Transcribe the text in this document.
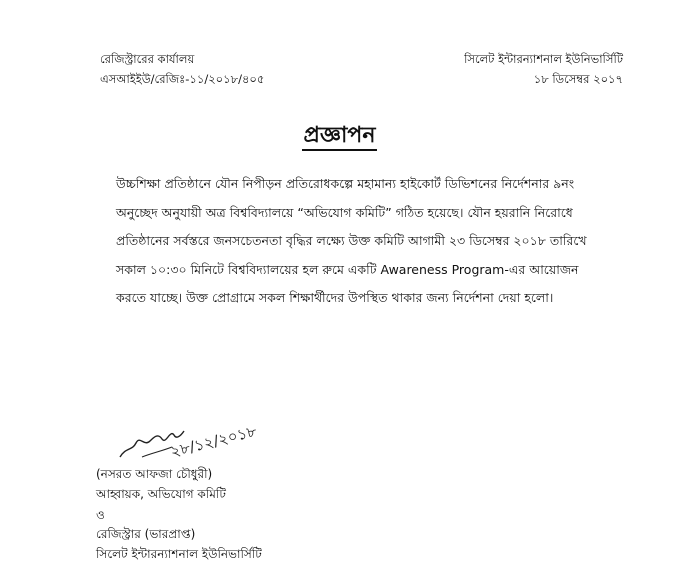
রেজিস্ট্রারের কার্যালয়
এসআইইউ/রেজিঃ-১১/২০১৮/৪০৫
সিলেট ইন্টারন্যাশনাল ইউনিভার্সিটি
১৮ ডিসেম্বর ২০১৭
প্রজ্ঞাপন
উচ্চশিক্ষা প্রতিষ্ঠানে যৌন নিপীড়ন প্রতিরোধকল্পে মহামান্য হাইকোর্ট ডিভিশনের নির্দেশনার ৯নং
অনুচ্ছেদ অনুযায়ী অত্র বিশ্ববিদ্যালয়ে “অভিযোগ কমিটি” গঠিত হয়েছে। যৌন হয়রানি নিরোধে
প্রতিষ্ঠানের সর্বস্তরে জনসচেতনতা বৃদ্ধির লক্ষ্যে উক্ত কমিটি আগামী ২৩ ডিসেম্বর ২০১৮ তারিখে
সকাল ১০:৩০ মিনিটে বিশ্ববিদ্যালয়ের হল রুমে একটি Awareness Program-এর আয়োজন
করতে যাচ্ছে। উক্ত প্রোগ্রামে সকল শিক্ষার্থীদের উপস্থিত থাকার জন্য নির্দেশনা দেয়া হলো।
২৮/১২/২০১৮
(নসরত আফজা চৌধুরী)
আহ্বায়ক, অভিযোগ কমিটি
ও
রেজিস্ট্রার (ভারপ্রাপ্ত)
সিলেট ইন্টারন্যাশনাল ইউনিভার্সিটি
